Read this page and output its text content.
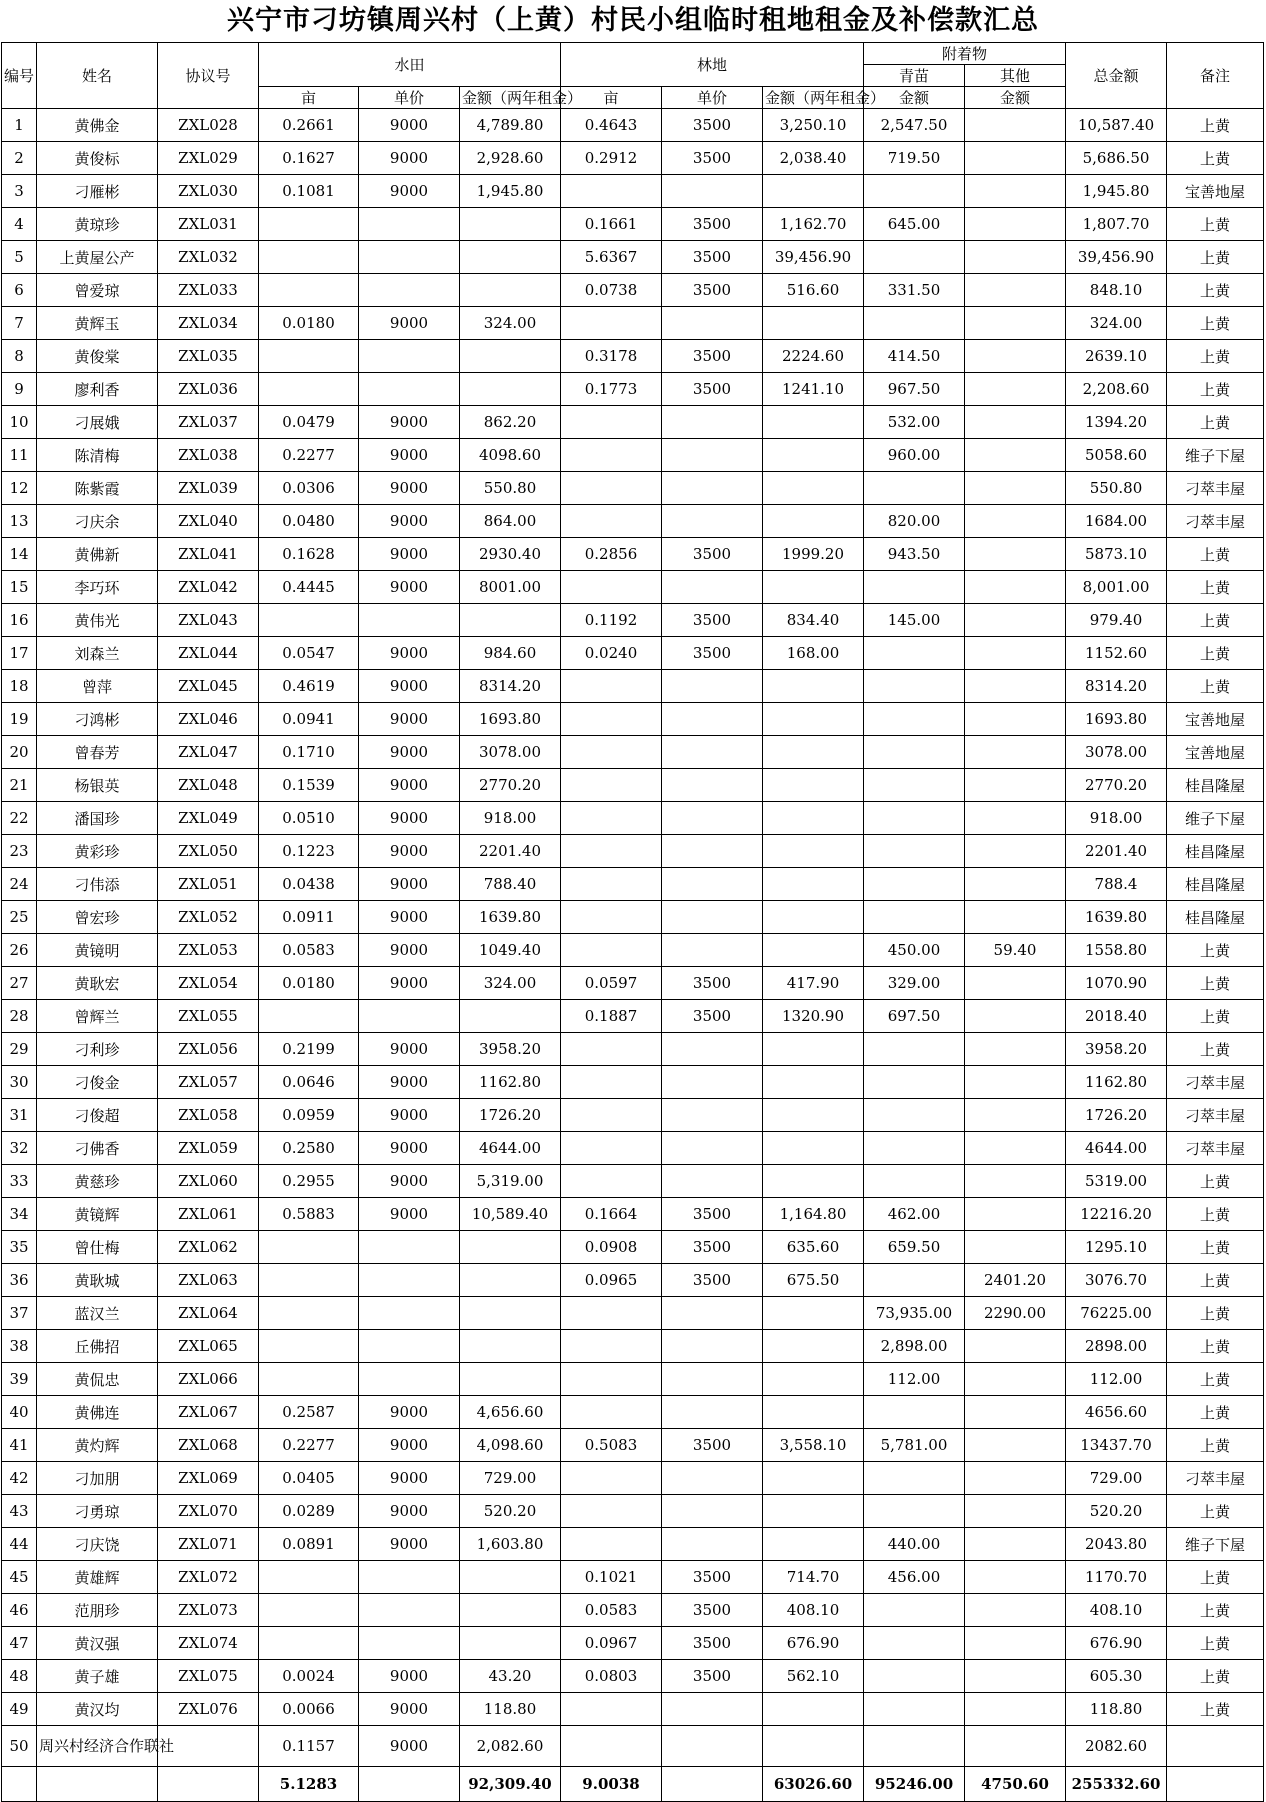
兴宁市刁坊镇周兴村（上黄）村民小组临时租地租金及补偿款汇总
编号	姓名	协议号	水田			林地			附着物		总金额	备注
									青苗	其他		
			亩	单价	金额（两年租金）	亩	单价	金额（两年租金）	金额	金额		
1	黄佛金	ZXL028	0.2661	9000	4,789.80	0.4643	3500	3,250.10	2,547.50		10,587.40	上黄
2	黄俊标	ZXL029	0.1627	9000	2,928.60	0.2912	3500	2,038.40	719.50		5,686.50	上黄
3	刁雁彬	ZXL030	0.1081	9000	1,945.80						1,945.80	宝善地屋
4	黄琼珍	ZXL031				0.1661	3500	1,162.70	645.00		1,807.70	上黄
5	上黄屋公产	ZXL032				5.6367	3500	39,456.90			39,456.90	上黄
6	曾爱琼	ZXL033				0.0738	3500	516.60	331.50		848.10	上黄
7	黄辉玉	ZXL034	0.0180	9000	324.00						324.00	上黄
8	黄俊棠	ZXL035				0.3178	3500	2224.60	414.50		2639.10	上黄
9	廖利香	ZXL036				0.1773	3500	1241.10	967.50		2,208.60	上黄
10	刁展娥	ZXL037	0.0479	9000	862.20				532.00		1394.20	上黄
11	陈清梅	ZXL038	0.2277	9000	4098.60				960.00		5058.60	维子下屋
12	陈紫霞	ZXL039	0.0306	9000	550.80						550.80	刁萃丰屋
13	刁庆余	ZXL040	0.0480	9000	864.00				820.00		1684.00	刁萃丰屋
14	黄佛新	ZXL041	0.1628	9000	2930.40	0.2856	3500	1999.20	943.50		5873.10	上黄
15	李巧环	ZXL042	0.4445	9000	8001.00						8,001.00	上黄
16	黄伟光	ZXL043				0.1192	3500	834.40	145.00		979.40	上黄
17	刘森兰	ZXL044	0.0547	9000	984.60	0.0240	3500	168.00			1152.60	上黄
18	曾萍	ZXL045	0.4619	9000	8314.20						8314.20	上黄
19	刁鸿彬	ZXL046	0.0941	9000	1693.80						1693.80	宝善地屋
20	曾春芳	ZXL047	0.1710	9000	3078.00						3078.00	宝善地屋
21	杨银英	ZXL048	0.1539	9000	2770.20						2770.20	桂昌隆屋
22	潘国珍	ZXL049	0.0510	9000	918.00						918.00	维子下屋
23	黄彩珍	ZXL050	0.1223	9000	2201.40						2201.40	桂昌隆屋
24	刁伟添	ZXL051	0.0438	9000	788.40						788.4	桂昌隆屋
25	曾宏珍	ZXL052	0.0911	9000	1639.80						1639.80	桂昌隆屋
26	黄镜明	ZXL053	0.0583	9000	1049.40				450.00	59.40	1558.80	上黄
27	黄耿宏	ZXL054	0.0180	9000	324.00	0.0597	3500	417.90	329.00		1070.90	上黄
28	曾辉兰	ZXL055				0.1887	3500	1320.90	697.50		2018.40	上黄
29	刁利珍	ZXL056	0.2199	9000	3958.20						3958.20	上黄
30	刁俊金	ZXL057	0.0646	9000	1162.80						1162.80	刁萃丰屋
31	刁俊超	ZXL058	0.0959	9000	1726.20						1726.20	刁萃丰屋
32	刁佛香	ZXL059	0.2580	9000	4644.00						4644.00	刁萃丰屋
33	黄慈珍	ZXL060	0.2955	9000	5,319.00						5319.00	上黄
34	黄镜辉	ZXL061	0.5883	9000	10,589.40	0.1664	3500	1,164.80	462.00		12216.20	上黄
35	曾仕梅	ZXL062				0.0908	3500	635.60	659.50		1295.10	上黄
36	黄耿城	ZXL063				0.0965	3500	675.50		2401.20	3076.70	上黄
37	蓝汉兰	ZXL064							73,935.00	2290.00	76225.00	上黄
38	丘佛招	ZXL065							2,898.00		2898.00	上黄
39	黄侃忠	ZXL066							112.00		112.00	上黄
40	黄佛连	ZXL067	0.2587	9000	4,656.60						4656.60	上黄
41	黄灼辉	ZXL068	0.2277	9000	4,098.60	0.5083	3500	3,558.10	5,781.00		13437.70	上黄
42	刁加朋	ZXL069	0.0405	9000	729.00						729.00	刁萃丰屋
43	刁勇琼	ZXL070	0.0289	9000	520.20						520.20	上黄
44	刁庆饶	ZXL071	0.0891	9000	1,603.80				440.00		2043.80	维子下屋
45	黄雄辉	ZXL072				0.1021	3500	714.70	456.00		1170.70	上黄
46	范朋珍	ZXL073				0.0583	3500	408.10			408.10	上黄
47	黄汉强	ZXL074				0.0967	3500	676.90			676.90	上黄
48	黄子雄	ZXL075	0.0024	9000	43.20	0.0803	3500	562.10			605.30	上黄
49	黄汉均	ZXL076	0.0066	9000	118.80						118.80	上黄
50	周兴村经济合作联社		0.1157	9000	2,082.60						2082.60	
			5.1283		92,309.40	9.0038		63026.60	95246.00	4750.60	255332.60	
